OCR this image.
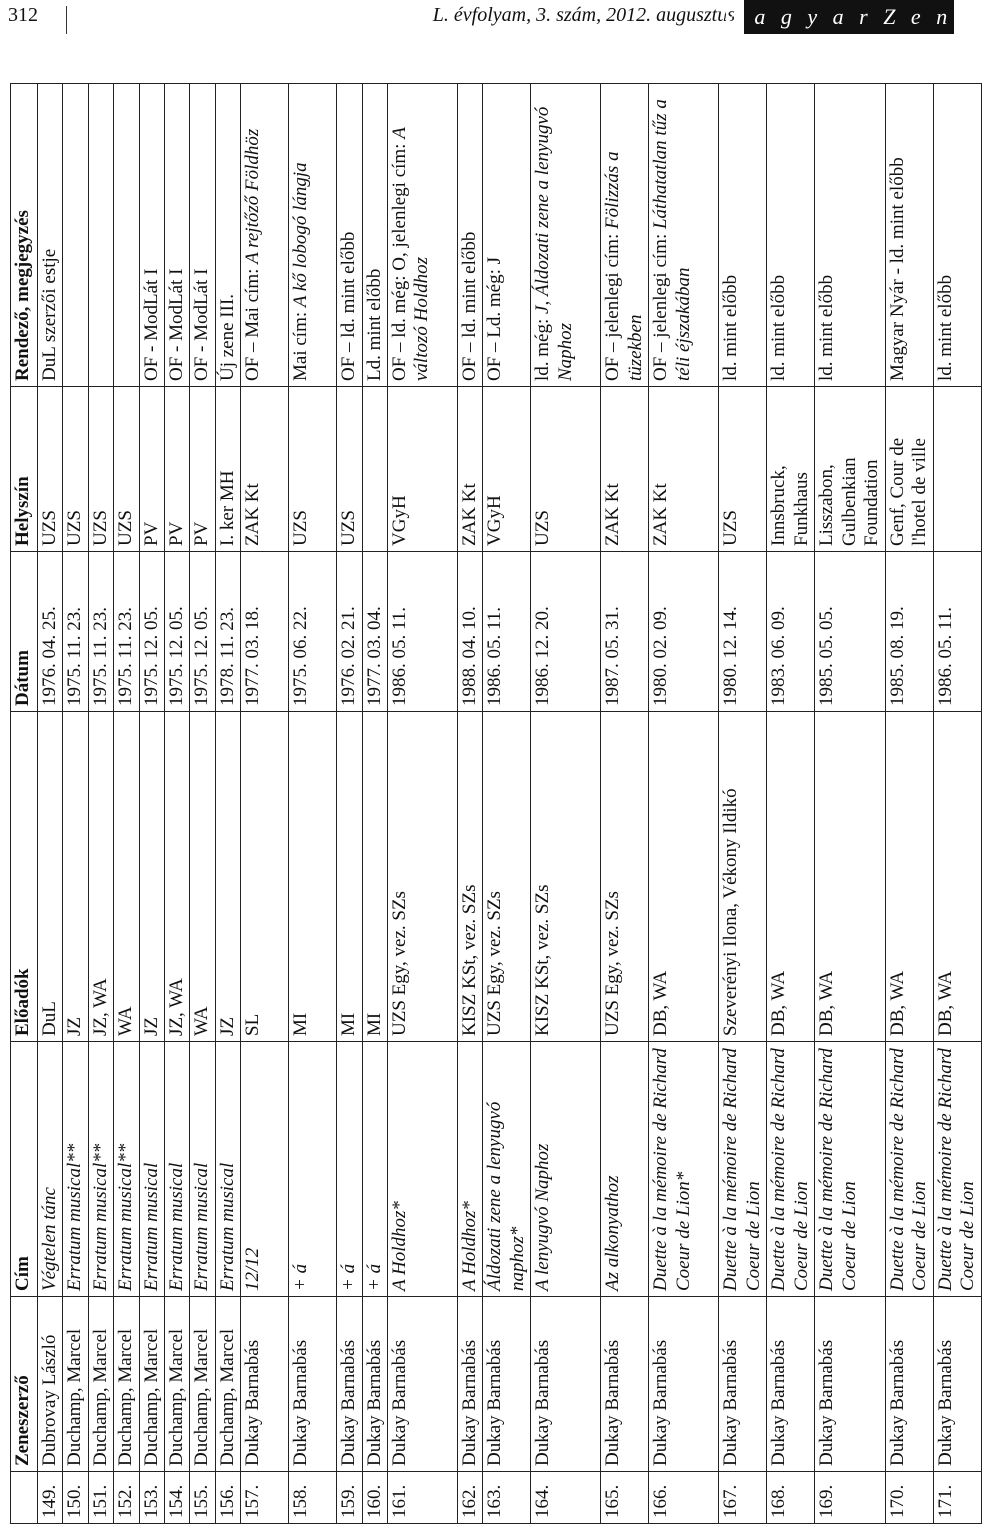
312	L. évfolyam, 3. szám, 2012. augusztus
M a g y a r Z e n e
	Zeneszerző	Cím	Előadók	Dátum	Helyszín	Rendező, megjegyzés
149.	Dubrovay László	Végtelen tánc	DuL	1976. 04. 25.	UZS	DuL szerzői estje
150.	Duchamp, Marcel	Erratum musical**	JZ	1975. 11. 23.	UZS	
151.	Duchamp, Marcel	Erratum musical**	JZ, WA	1975. 11. 23.	UZS	
152.	Duchamp, Marcel	Erratum musical**	WA	1975. 11. 23.	UZS	
153.	Duchamp, Marcel	Erratum musical	JZ	1975. 12. 05.	PV	OF - ModLát I
154.	Duchamp, Marcel	Erratum musical	JZ, WA	1975. 12. 05.	PV	OF - ModLát I
155.	Duchamp, Marcel	Erratum musical	WA	1975. 12. 05.	PV	OF - ModLát I
156.	Duchamp, Marcel	Erratum musical	JZ	1978. 11. 23.	I. ker MH	Új zene III.
157.	Dukay Barnabás	12/12	SL	1977. 03. 18.	ZAK Kt	OF – Mai cím: A rejtőző Földhöz
158.	Dukay Barnabás	+ á	MI	1975. 06. 22.	UZS	Mai cím: A kő lobogó lángja
159.	Dukay Barnabás	+ á	MI	1976. 02. 21.	UZS	OF – ld. mint előbb
160.	Dukay Barnabás	+ á	MI	1977. 03. 04.		Ld. mint előbb
161.	Dukay Barnabás	A Holdhoz*	UZS Egy, vez. SZs	1986. 05. 11.	VGyH	OF – ld. még: O, jelenlegi cím: A változó Holdhoz
162.	Dukay Barnabás	A Holdhoz*	KISZ KSt, vez. SZs	1988. 04. 10.	ZAK Kt	OF – ld. mint előbb
163.	Dukay Barnabás	Áldozati zene a lenyugvó naphoz*	UZS Egy, vez. SZs	1986. 05. 11.	VGyH	OF – Ld. még: J
164.	Dukay Barnabás	A lenyugvó Naphoz	KISZ KSt, vez. SZs	1986. 12. 20.	UZS	ld. még: J, Áldozati zene a lenyugvó Naphoz
165.	Dukay Barnabás	Az alkonyathoz	UZS Egy, vez. SZs	1987. 05. 31.	ZAK Kt	OF – jelenlegi cím: Fölizzás a tüzekben
166.	Dukay Barnabás	Duette à la mémoire de Richard Coeur de Lion*	DB, WA	1980. 02. 09.	ZAK Kt	OF – jelenlegi cím: Láthatatlan tűz a téli éjszakában
167.	Dukay Barnabás	Duette à la mémoire de Richard Coeur de Lion	Szeverényi Ilona, Vékony Ildikó	1980. 12. 14.	UZS	ld. mint előbb
168.	Dukay Barnabás	Duette à la mémoire de Richard Coeur de Lion	DB, WA	1983. 06. 09.	Innsbruck, Funkhaus	ld. mint előbb
169.	Dukay Barnabás	Duette à la mémoire de Richard Coeur de Lion	DB, WA	1985. 05. 05.	Lisszabon, Gulbenkian Foundation	ld. mint előbb
170.	Dukay Barnabás	Duette à la mémoire de Richard Coeur de Lion	DB, WA	1985. 08. 19.	Genf, Cour de l'hotel de ville	Magyar Nyár - ld. mint előbb
171.	Dukay Barnabás	Duette à la mémoire de Richard Coeur de Lion	DB, WA	1986. 05. 11.		ld. mint előbb
